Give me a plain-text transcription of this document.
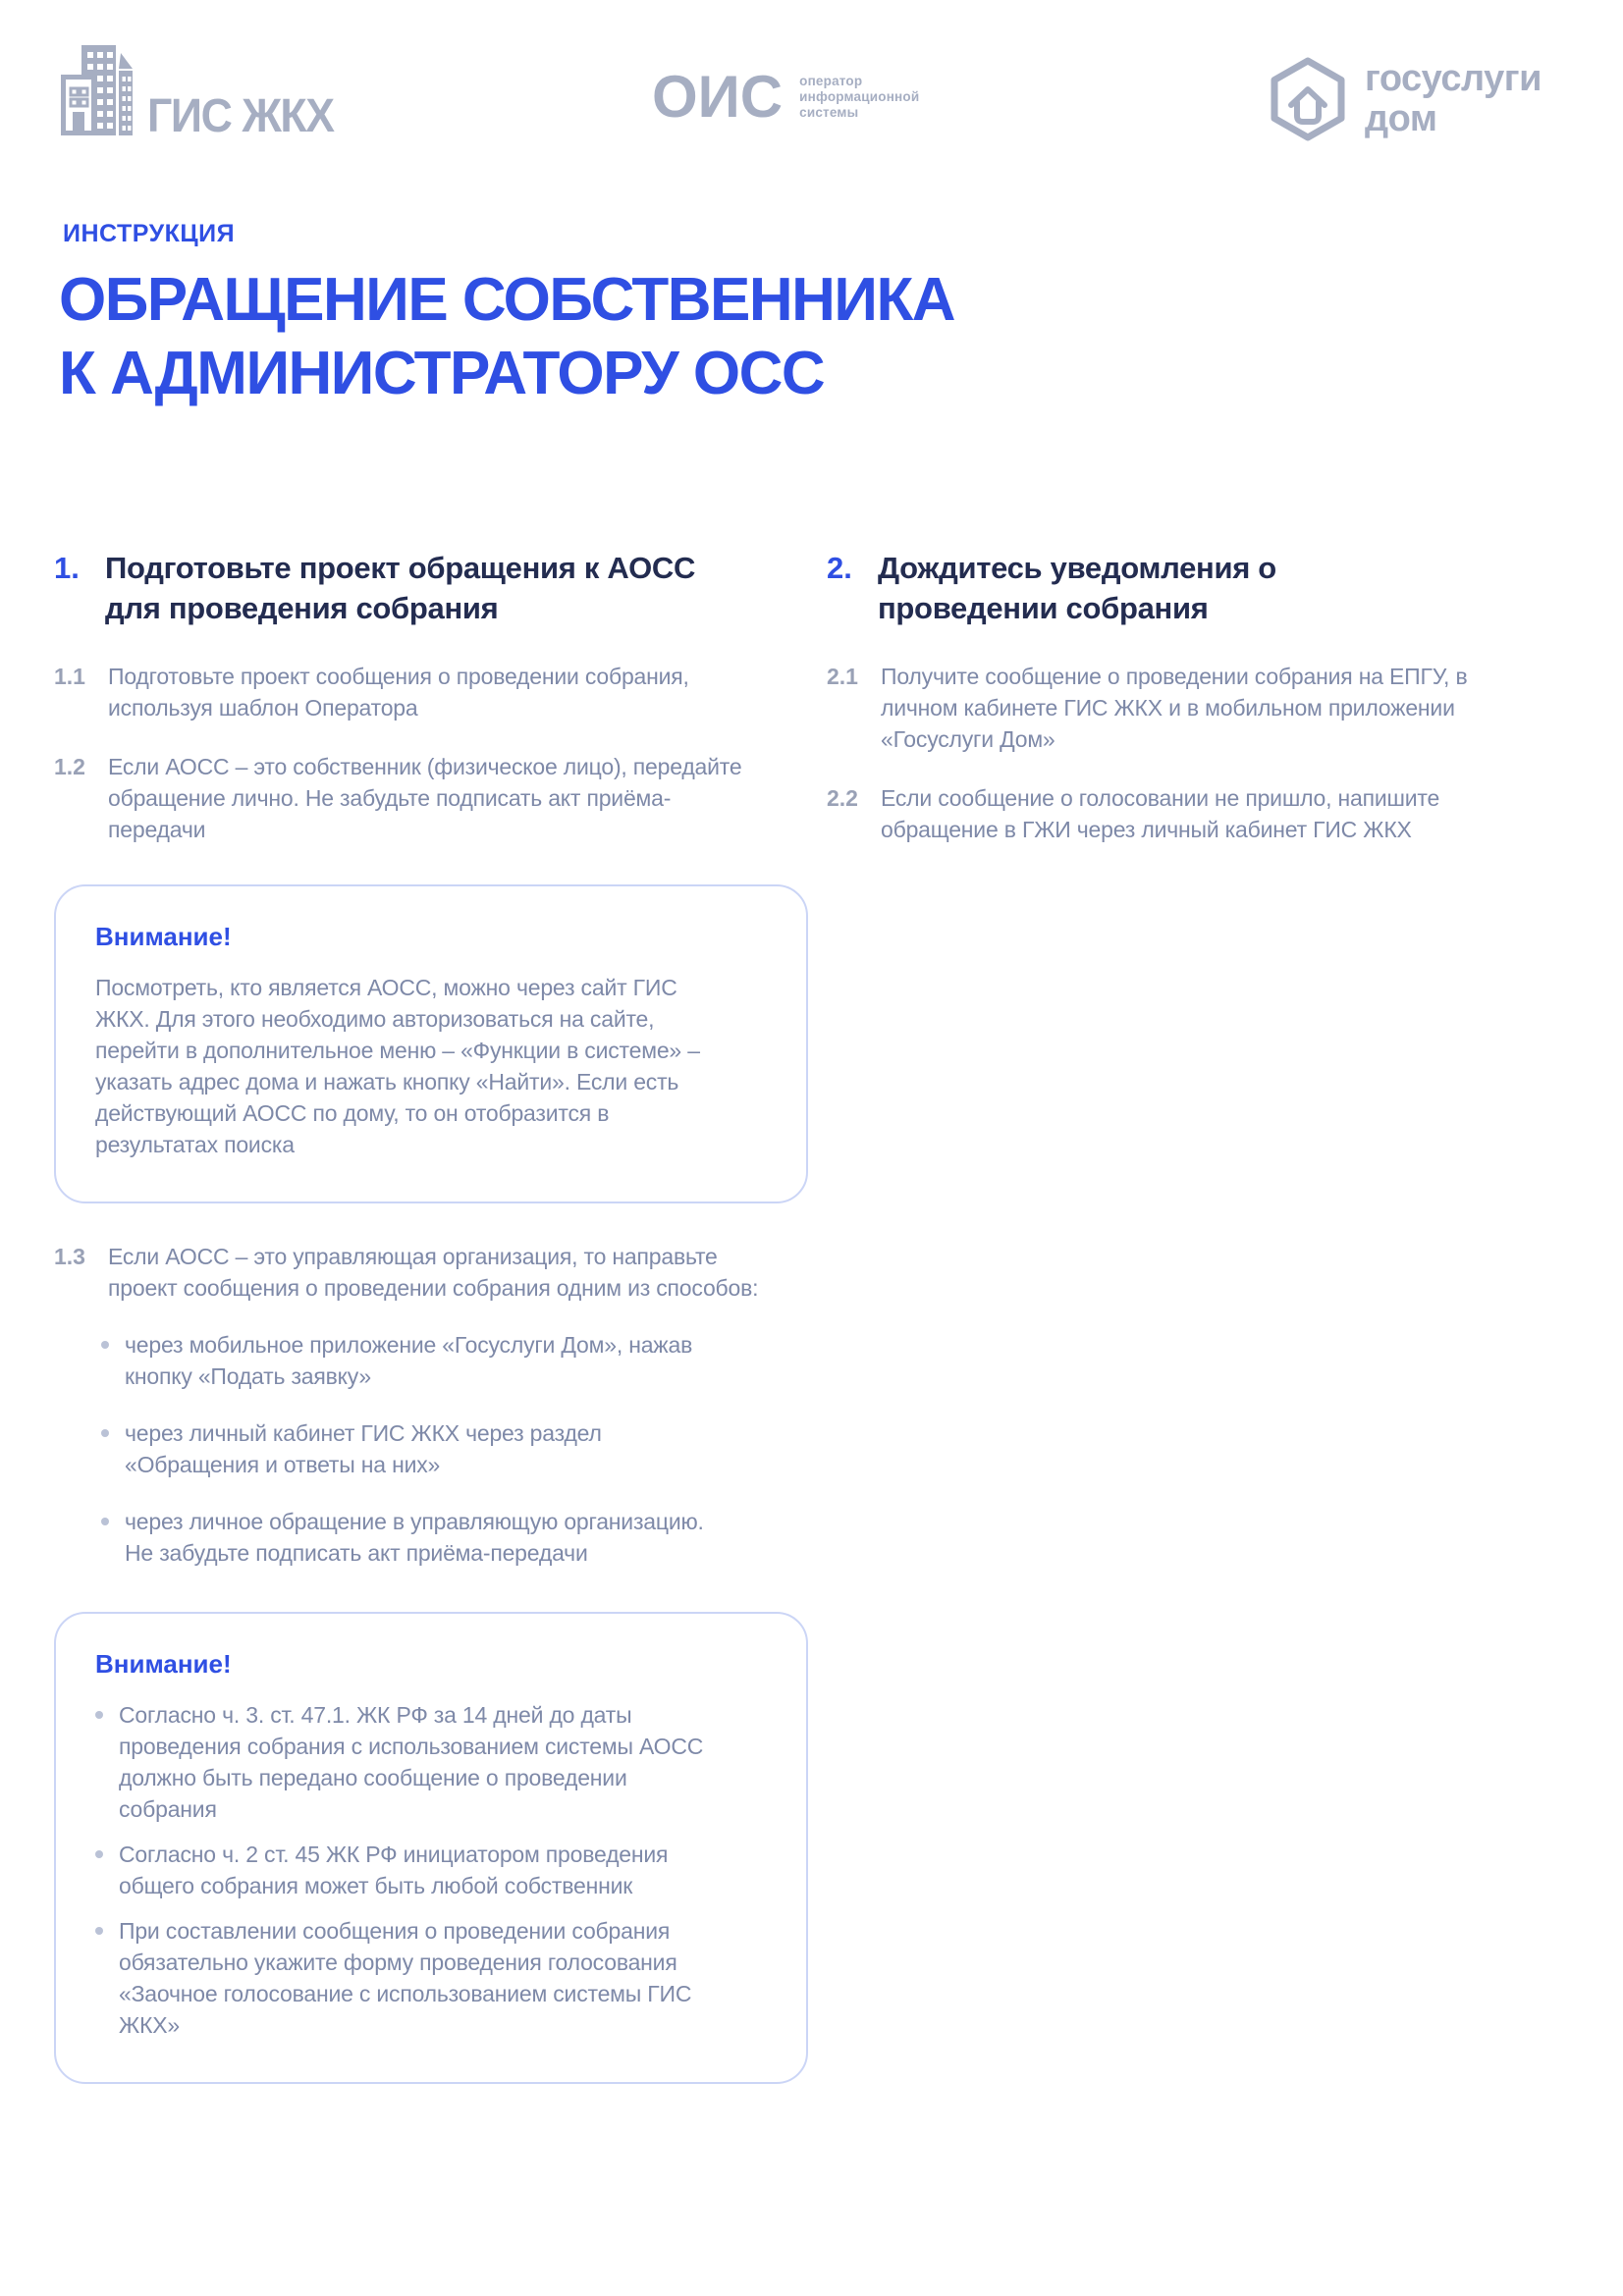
ГИС ЖКХ	ОИС оператор
информационной
системы
госуслуги
дом
ИНСТРУКЦИЯ
ОБРАЩЕНИЕ СОБСТВЕННИКА
К АДМИНИСТРАТОРУ ОСС
1. Подготовьте проект обращения к АОСС для проведения собрания
1.1	Подготовьте проект сообщения о проведении собрания, используя шаблон Оператора

1.2	Если АОСС – это собственник (физическое лицо), передайте обращение лично. Не забудьте подписать акт приёма-передачи

Внимание!

Посмотреть, кто является АОСС, можно через сайт ГИС ЖКХ. Для этого необходимо авторизоваться на сайте, перейти в дополнительное меню – «Функции в системе» – указать адрес дома и нажать кнопку «Найти». Если есть действующий АОСС по дому, то он отобразится в результатах поиска

1.3	Если АОСС – это управляющая организация, то направьте проект сообщения о проведении собрания одним из способов:

через мобильное приложение «Госуслуги Дом», нажав кнопку «Подать заявку»

через личный кабинет ГИС ЖКХ через раздел «Обращения и ответы на них»

через личное обращение в управляющую организацию. Не забудьте подписать акт приёма-передачи

Внимание!

Согласно ч. 3. ст. 47.1. ЖК РФ за 14 дней до даты проведения собрания с использованием системы АОСС должно быть передано сообщение о проведении собрания

Согласно ч. 2 ст. 45 ЖК РФ инициатором проведения общего собрания может быть любой собственник

При составлении сообщения о проведении собрания обязательно укажите форму проведения голосования «Заочное голосование с использованием системы ГИС ЖКХ»

2. Дождитесь уведомления о проведении собрания
2.1	Получите сообщение о проведении собрания на ЕПГУ, в личном кабинете ГИС ЖКХ и в мобильном приложении «Госуслуги Дом»

2.2	Если сообщение о голосовании не пришло, напишите обращение в ГЖИ через личный кабинет ГИС ЖКХ
